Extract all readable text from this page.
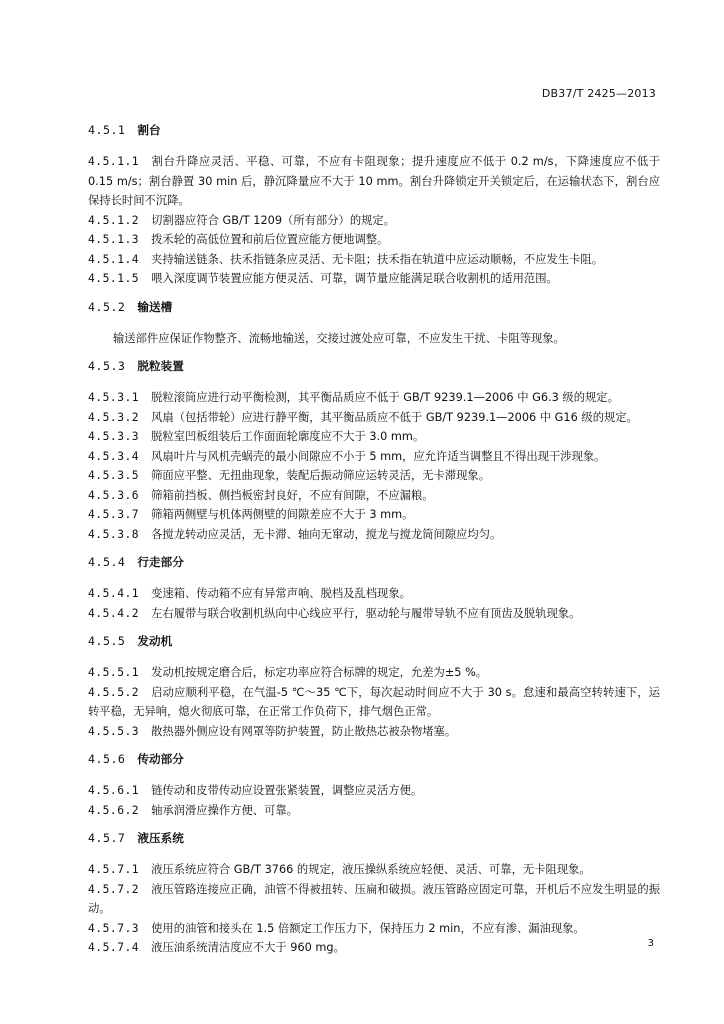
DB37/T 2425—2013
4.5.1 割台

4.5.1.1 割台升降应灵活、平稳、可靠，不应有卡阻现象；提升速度应不低于 0.2 m/s，下降速度应不低于 0.15 m/s；割台静置 30 min 后，静沉降量应不大于 10 mm。割台升降锁定开关锁定后，在运输状态下，割台应保持长时间不沉降。

4.5.1.2 切割器应符合 GB/T 1209（所有部分）的规定。

4.5.1.3 拨禾轮的高低位置和前后位置应能方便地调整。

4.5.1.4 夹持输送链条、扶禾指链条应灵活、无卡阻；扶禾指在轨道中应运动顺畅，不应发生卡阻。

4.5.1.5 喂入深度调节装置应能方便灵活、可靠，调节量应能满足联合收割机的适用范围。

4.5.2 输送槽

输送部件应保证作物整齐、流畅地输送，交接过渡处应可靠，不应发生干扰、卡阻等现象。

4.5.3 脱粒装置

4.5.3.1 脱粒滚筒应进行动平衡检测，其平衡品质应不低于 GB/T 9239.1—2006 中 G6.3 级的规定。

4.5.3.2 风扇（包括带轮）应进行静平衡，其平衡品质应不低于 GB/T 9239.1—2006 中 G16 级的规定。

4.5.3.3 脱粒室凹板组装后工作面面轮廓度应不大于 3.0 mm。

4.5.3.4 风扇叶片与风机壳蜗壳的最小间隙应不小于 5 mm，应允许适当调整且不得出现干涉现象。

4.5.3.5 筛面应平整、无扭曲现象，装配后振动筛应运转灵活，无卡滞现象。

4.5.3.6 筛箱前挡板、侧挡板密封良好，不应有间隙，不应漏粮。

4.5.3.7 筛箱两侧壁与机体两侧壁的间隙差应不大于 3 mm。

4.5.3.8 各搅龙转动应灵活，无卡滞、轴向无窜动，搅龙与搅龙筒间隙应均匀。

4.5.4 行走部分

4.5.4.1 变速箱、传动箱不应有异常声响、脱档及乱档现象。

4.5.4.2 左右履带与联合收割机纵向中心线应平行，驱动轮与履带导轨不应有顶齿及脱轨现象。

4.5.5 发动机

4.5.5.1 发动机按规定磨合后，标定功率应符合标牌的规定，允差为±5 %。

4.5.5.2 启动应顺利平稳，在气温-5 ℃～35 ℃下，每次起动时间应不大于 30 s。怠速和最高空转转速下，运转平稳，无异响，熄火彻底可靠，在正常工作负荷下，排气烟色正常。

4.5.5.3 散热器外侧应设有网罩等防护装置，防止散热芯被杂物堵塞。

4.5.6 传动部分

4.5.6.1 链传动和皮带传动应设置张紧装置，调整应灵活方便。

4.5.6.2 轴承润滑应操作方便、可靠。

4.5.7 液压系统

4.5.7.1 液压系统应符合 GB/T 3766 的规定，液压操纵系统应轻便、灵活、可靠，无卡阻现象。

4.5.7.2 液压管路连接应正确，油管不得被扭转、压扁和破损。液压管路应固定可靠，开机后不应发生明显的振动。

4.5.7.3 使用的油管和接头在 1.5 倍额定工作压力下，保持压力 2 min，不应有渗、漏油现象。

4.5.7.4 液压油系统清洁度应不大于 960 mg。	3
